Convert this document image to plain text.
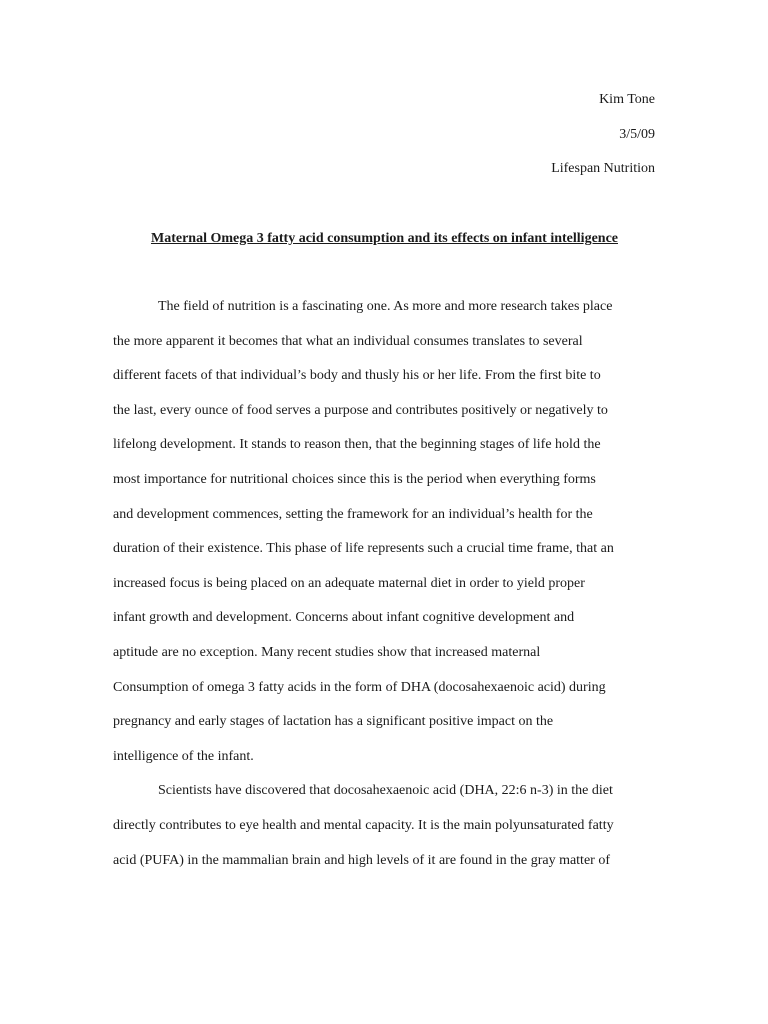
Kim Tone
3/5/09
Lifespan Nutrition
Maternal Omega 3 fatty acid consumption and its effects on infant intelligence
The field of nutrition is a fascinating one. As more and more research takes place
the more apparent it becomes that what an individual consumes translates to several
different facets of that individual’s body and thusly his or her life. From the first bite to
the last, every ounce of food serves a purpose and contributes positively or negatively to
lifelong development. It stands to reason then, that the beginning stages of life hold the
most importance for nutritional choices since this is the period when everything forms
and development commences, setting the framework for an individual’s health for the
duration of their existence. This phase of life represents such a crucial time frame, that an
increased focus is being placed on an adequate maternal diet in order to yield proper
infant growth and development. Concerns about infant cognitive development and
aptitude are no exception. Many recent studies show that increased maternal
Consumption of omega 3 fatty acids in the form of DHA (docosahexaenoic acid) during
pregnancy and early stages of lactation has a significant positive impact on the
intelligence of the infant.
Scientists have discovered that docosahexaenoic acid (DHA, 22:6 n-3) in the diet
directly contributes to eye health and mental capacity. It is the main polyunsaturated fatty
acid (PUFA) in the mammalian brain and high levels of it are found in the gray matter of
